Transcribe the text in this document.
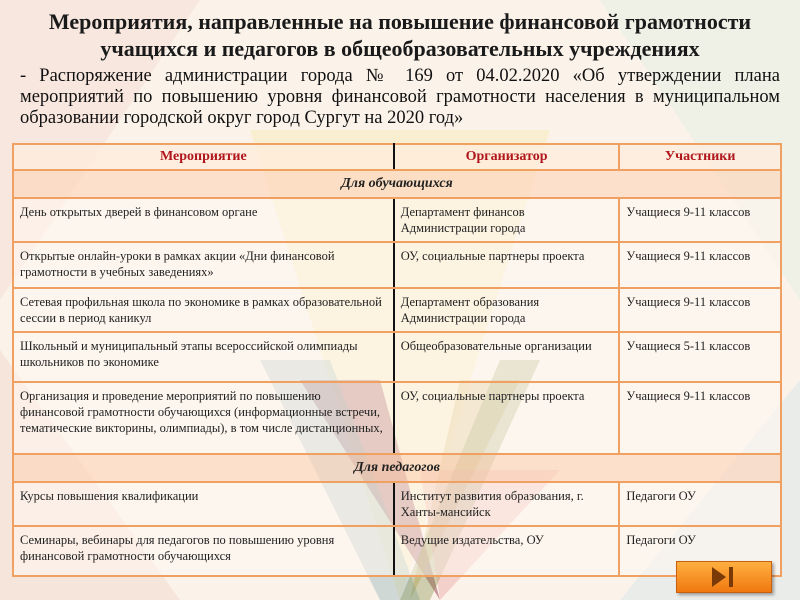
Мероприятия, направленные на повышение финансовой грамотности учащихся и педагогов в общеобразовательных учреждениях
- Распоряжение администрации города № 169 от 04.02.2020 «Об утверждении плана мероприятий по повышению уровня финансовой грамотности населения в муниципальном образовании городской округ город Сургут на 2020 год»
Мероприятие	Организатор	Участники
Для обучающихся		
День открытых дверей в финансовом органе	Департамент финансов Администрации города	Учащиеся 9-11 классов
Открытые онлайн-уроки в рамках акции «Дни финансовой грамотности в учебных заведениях»	ОУ, социальные партнеры проекта	Учащиеся 9-11 классов
Сетевая профильная школа по экономике в рамках образовательной сессии в период каникул	Департамент образования Администрации города	Учащиеся 9-11 классов
Школьный и муниципальный этапы всероссийской олимпиады школьников по экономике	Общеобразовательные организации	Учащиеся 5-11 классов
Организация и проведение мероприятий по повышению финансовой грамотности обучающихся (информационные встречи, тематические викторины, олимпиады), в том числе дистанционных,	ОУ, социальные партнеры проекта	Учащиеся 9-11 классов
Для педагогов		
Курсы повышения квалификации	Институт развития образования, г. Ханты-мансийск	Педагоги ОУ
Семинары, вебинары для педагогов по повышению уровня финансовой грамотности обучающихся	Ведущие издательства, ОУ	Педагоги ОУ
